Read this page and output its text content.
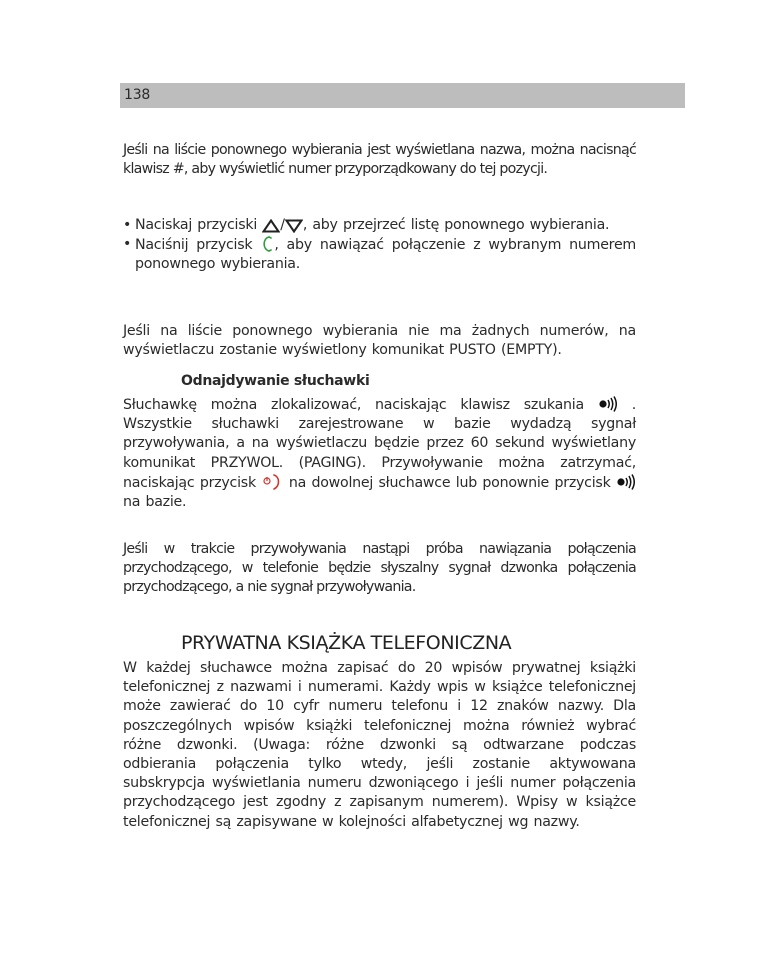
138

Jeśli na liście ponownego wybierania jest wyświetlana nazwa, można nacisnąć klawisz #, aby wyświetlić numer przyporządkowany do tej pozycji.

• Naciskaj przyciski
/ , aby przejrzeć listę ponownego wybierania.
• Naciśnij przycisk
, aby nawiązać połączenie z wybranym numerem ponownego wybierania.

Jeśli na liście ponownego wybierania nie ma żadnych numerów, na wyświetlaczu zostanie wyświetlony komunikat PUSTO (EMPTY).

Odnajdywanie słuchawki

Słuchawkę można zlokalizować, naciskając klawisz szukania
. Wszystkie słuchawki zarejestrowane w bazie wydadzą sygnał przywoływania, a na wyświetlaczu będzie przez 60 sekund wyświetlany komunikat PRZYWOL. (PAGING). Przywoływanie można zatrzymać, naciskając przycisk
na dowolnej słuchawce lub ponownie przycisk
na bazie.

Jeśli w trakcie przywoływania nastąpi próba nawiązania połączenia przychodzącego, w telefonie będzie słyszalny sygnał dzwonka połączenia przychodzącego, a nie sygnał przywoływania.

PRYWATNA KSIĄŻKA TELEFONICZNA

W każdej słuchawce można zapisać do 20 wpisów prywatnej książki telefonicznej z nazwami i numerami. Każdy wpis w książce telefonicznej może zawierać do 10 cyfr numeru telefonu i 12 znaków nazwy. Dla poszczególnych wpisów książki telefonicznej można również wybrać różne dzwonki. (Uwaga: różne dzwonki są odtwarzane podczas odbierania połączenia tylko wtedy, jeśli zostanie aktywowana subskrypcja wyświetlania numeru dzwoniącego i jeśli numer połączenia przychodzącego jest zgodny z zapisanym numerem). Wpisy w książce telefonicznej są zapisywane w kolejności alfabetycznej wg nazwy.
